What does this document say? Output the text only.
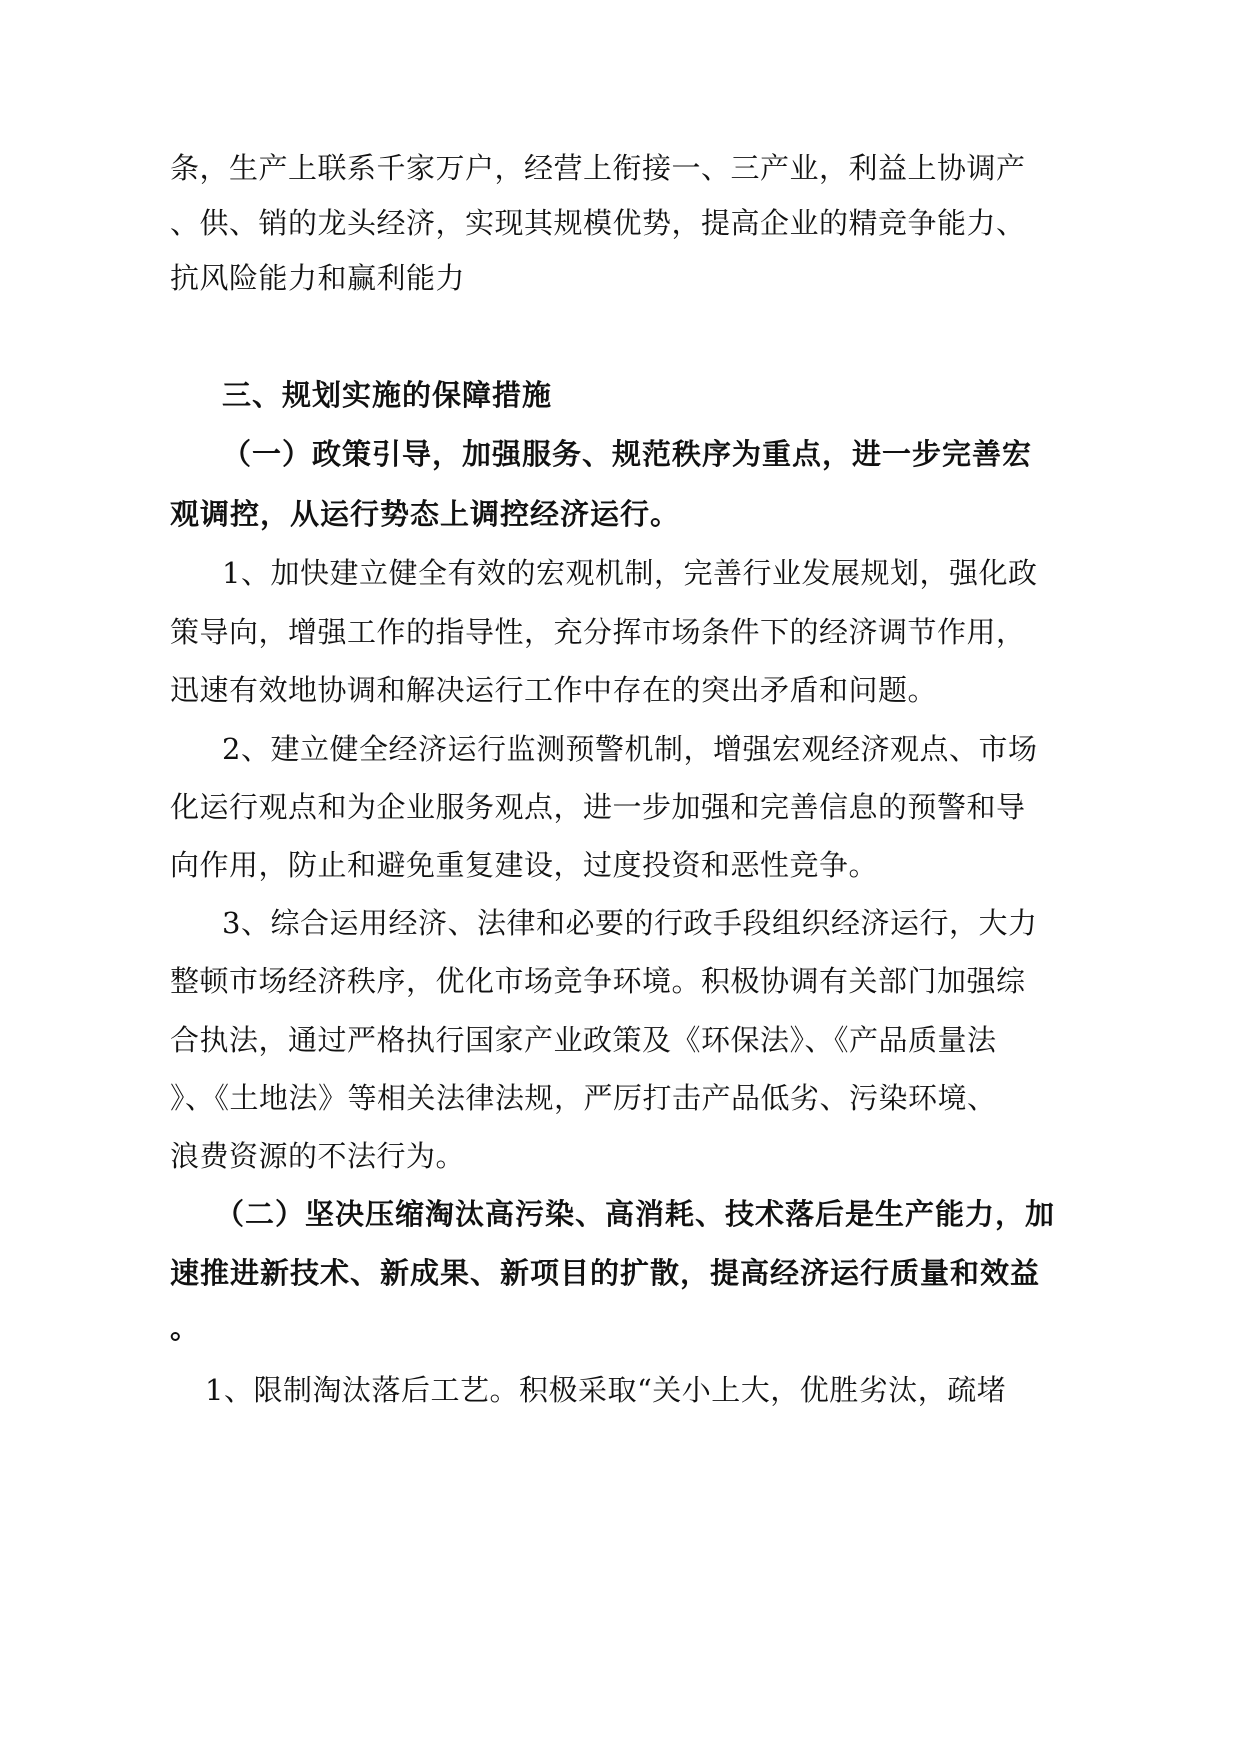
条，生产上联系千家万户，经营上衔接一、三产业，利益上协调产
、供、销的龙头经济，实现其规模优势，提高企业的精竞争能力、
抗风险能力和赢利能力
三、规划实施的保障措施
（一）政策引导，加强服务、规范秩序为重点，进一步完善宏
观调控，从运行势态上调控经济运行。
1、加快建立健全有效的宏观机制，完善行业发展规划，强化政
策导向，增强工作的指导性，充分挥市场条件下的经济调节作用，
迅速有效地协调和解决运行工作中存在的突出矛盾和问题。
2、建立健全经济运行监测预警机制，增强宏观经济观点、市场
化运行观点和为企业服务观点，进一步加强和完善信息的预警和导
向作用，防止和避免重复建设，过度投资和恶性竞争。
3、综合运用经济、法律和必要的行政手段组织经济运行，大力
整顿市场经济秩序，优化市场竞争环境。积极协调有关部门加强综
合执法，通过严格执行国家产业政策及《环保法》、《产品质量法
》、《土地法》等相关法律法规，严厉打击产品低劣、污染环境、
浪费资源的不法行为。
（二）坚决压缩淘汰高污染、高消耗、技术落后是生产能力，加
速推进新技术、新成果、新项目的扩散，提高经济运行质量和效益
。
1、限制淘汰落后工艺。积极采取“关小上大，优胜劣汰，疏堵
